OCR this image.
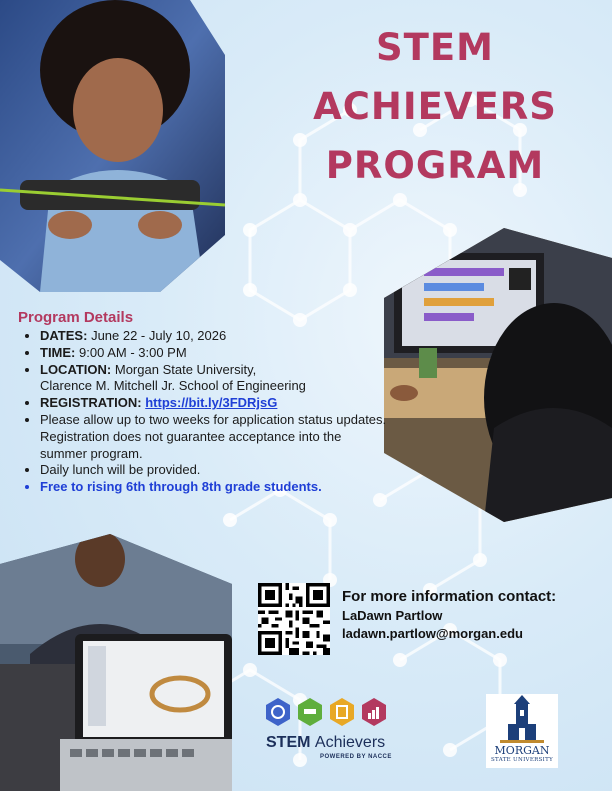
STEM
ACHIEVERS
PROGRAM
Program Details
• DATES: June 22 - July 10, 2026
• TIME: 9:00 AM - 3:00 PM
• LOCATION: Morgan State University,
Clarence M. Mitchell Jr. School of Engineering
• REGISTRATION: https://bit.ly/3FDRjsG
• Please allow up to two weeks for application status updates. Registration does not guarantee acceptance into the summer program.
• Daily lunch will be provided.
• Free to rising 6th through 8th grade students.
For more information contact:
LaDawn Partlow
ladawn.partlow@morgan.edu
STEM Achievers
POWERED BY NACCE	MORGAN
STATE UNIVERSITY
